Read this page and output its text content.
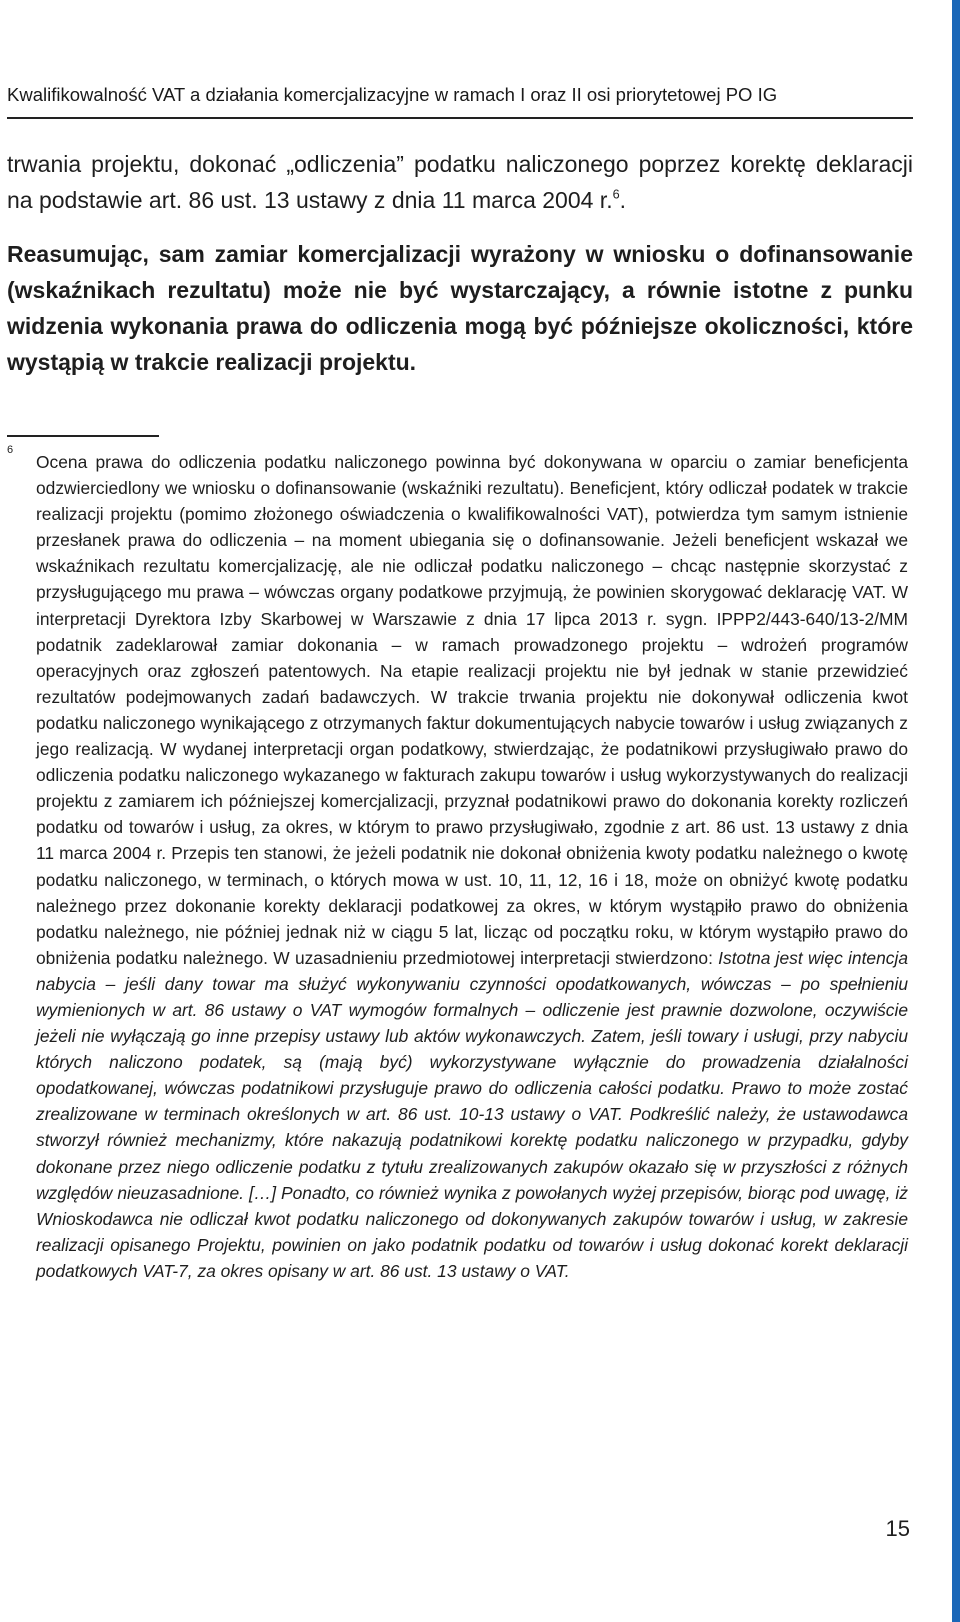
Kwalifikowalność VAT a działania komercjalizacyjne w ramach I oraz II osi priorytetowej PO IG
trwania projektu, dokonać „odliczenia” podatku naliczonego poprzez korektę deklaracji na podstawie art. 86 ust. 13 ustawy z dnia 11 marca 2004 r.$^6$.
Reasumując, sam zamiar komercjalizacji wyrażony w wniosku o dofinansowanie (wskaźnikach rezultatu) może nie być wystarczający, a równie istotne z punku widzenia wykonania prawa do odliczenia mogą być późniejsze okoliczności, które wystąpią w trakcie realizacji projektu.
6
Ocena prawa do odliczenia podatku naliczonego powinna być dokonywana w oparciu o zamiar beneficjenta odzwierciedlony we wniosku o dofinansowanie (wskaźniki rezultatu). Beneficjent, który odliczał podatek w trakcie realizacji projektu (pomimo złożonego oświadczenia o kwalifikowalności VAT), potwierdza tym samym istnienie przesłanek prawa do odliczenia – na moment ubiegania się o dofinansowanie. Jeżeli beneficjent wskazał we wskaźnikach rezultatu komercjalizację, ale nie odliczał podatku naliczonego – chcąc następnie skorzystać z przysługującego mu prawa – wówczas organy podatkowe przyjmują, że powinien skorygować deklarację VAT. W interpretacji Dyrektora Izby Skarbowej w Warszawie z dnia 17 lipca 2013 r. sygn. IPPP2/443-640/13-2/MM podatnik zadeklarował zamiar dokonania – w ramach prowadzonego projektu – wdrożeń programów operacyjnych oraz zgłoszeń patentowych. Na etapie realizacji projektu nie był jednak w stanie przewidzieć rezultatów podejmowanych zadań badawczych. W trakcie trwania projektu nie dokonywał odliczenia kwot podatku naliczonego wynikającego z otrzymanych faktur dokumentujących nabycie towarów i usług związanych z jego realizacją. W wydanej interpretacji organ podatkowy, stwierdzając, że podatnikowi przysługiwało prawo do odliczenia podatku naliczonego wykazanego w fakturach zakupu towarów i usług wykorzystywanych do realizacji projektu z zamiarem ich późniejszej komercjalizacji, przyznał podatnikowi prawo do dokonania korekty rozliczeń podatku od towarów i usług, za okres, w którym to prawo przysługiwało, zgodnie z art. 86 ust. 13 ustawy z dnia 11 marca 2004 r. Przepis ten stanowi, że jeżeli podatnik nie dokonał obniżenia kwoty podatku należnego o kwotę podatku naliczonego, w terminach, o których mowa w ust. 10, 11, 12, 16 i 18, może on obniżyć kwotę podatku należnego przez dokonanie korekty deklaracji podatkowej za okres, w którym wystąpiło prawo do obniżenia podatku należnego, nie później jednak niż w ciągu 5 lat, licząc od początku roku, w którym wystąpiło prawo do obniżenia podatku należnego. W uzasadnieniu przedmiotowej interpretacji stwierdzono: Istotna jest więc intencja nabycia – jeśli dany towar ma służyć wykonywaniu czynności opodatkowanych, wówczas – po spełnieniu wymienionych w art. 86 ustawy o VAT wymogów formalnych – odliczenie jest prawnie dozwolone, oczywiście jeżeli nie wyłączają go inne przepisy ustawy lub aktów wykonawczych. Zatem, jeśli towary i usługi, przy nabyciu których naliczono podatek, są (mają być) wykorzystywane wyłącznie do prowadzenia działalności opodatkowanej, wówczas podatnikowi przysługuje prawo do odliczenia całości podatku. Prawo to może zostać zrealizowane w terminach określonych w art. 86 ust. 10-13 ustawy o VAT. Podkreślić należy, że ustawodawca stworzył również mechanizmy, które nakazują podatnikowi korektę podatku naliczonego w przypadku, gdyby dokonane przez niego odliczenie podatku z tytułu zrealizowanych zakupów okazało się w przyszłości z różnych względów nieuzasadnione. […] Ponadto, co również wynika z powołanych wyżej przepisów, biorąc pod uwagę, iż Wnioskodawca nie odliczał kwot podatku naliczonego od dokonywanych zakupów towarów i usług, w zakresie realizacji opisanego Projektu, powinien on jako podatnik podatku od towarów i usług dokonać korekt deklaracji podatkowych VAT-7, za okres opisany w art. 86 ust. 13 ustawy o VAT.
15
